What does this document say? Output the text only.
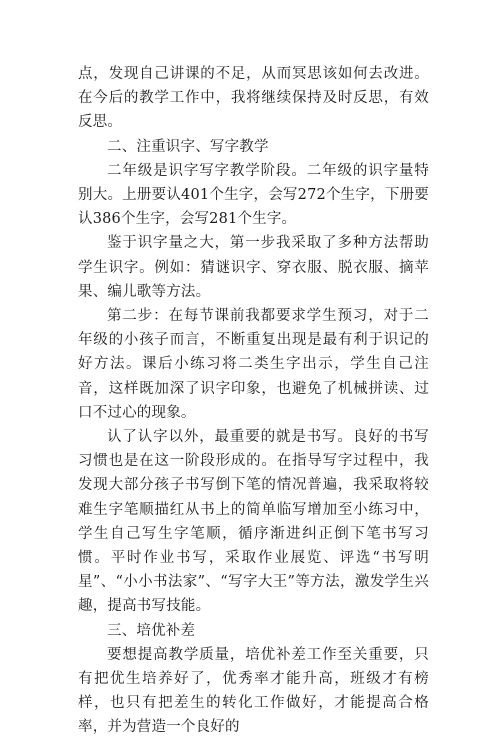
点，发现自己讲课的不足，从而冥思该如何去改进。在今后的教学工作中，我将继续保持及时反思，有效反思。

二、注重识字、写字教学

二年级是识字写字教学阶段。二年级的识字量特别大。上册要认401个生字，会写272个生字，下册要认386个生字，会写281个生字。

鉴于识字量之大，第一步我采取了多种方法帮助学生识字。例如：猜谜识字、穿衣服、脱衣服、摘苹果、编儿歌等方法。

第二步：在每节课前我都要求学生预习，对于二年级的小孩子而言，不断重复出现是最有利于识记的好方法。课后小练习将二类生字出示，学生自己注音，这样既加深了识字印象，也避免了机械拼读、过口不过心的现象。

认了认字以外，最重要的就是书写。良好的书写习惯也是在这一阶段形成的。在指导写字过程中，我发现大部分孩子书写倒下笔的情况普遍，我采取将较难生字笔顺描红从书上的简单临写增加至小练习中，学生自己写生字笔顺，循序渐进纠正倒下笔书写习惯。平时作业书写，采取作业展览、评选“书写明星”、“小小书法家”、“写字大王”等方法，激发学生兴趣，提高书写技能。

三、培优补差

要想提高教学质量，培优补差工作至关重要，只有把优生培养好了，优秀率才能升高，班级才有榜样，也只有把差生的转化工作做好，才能提高合格率，并为营造一个良好的
